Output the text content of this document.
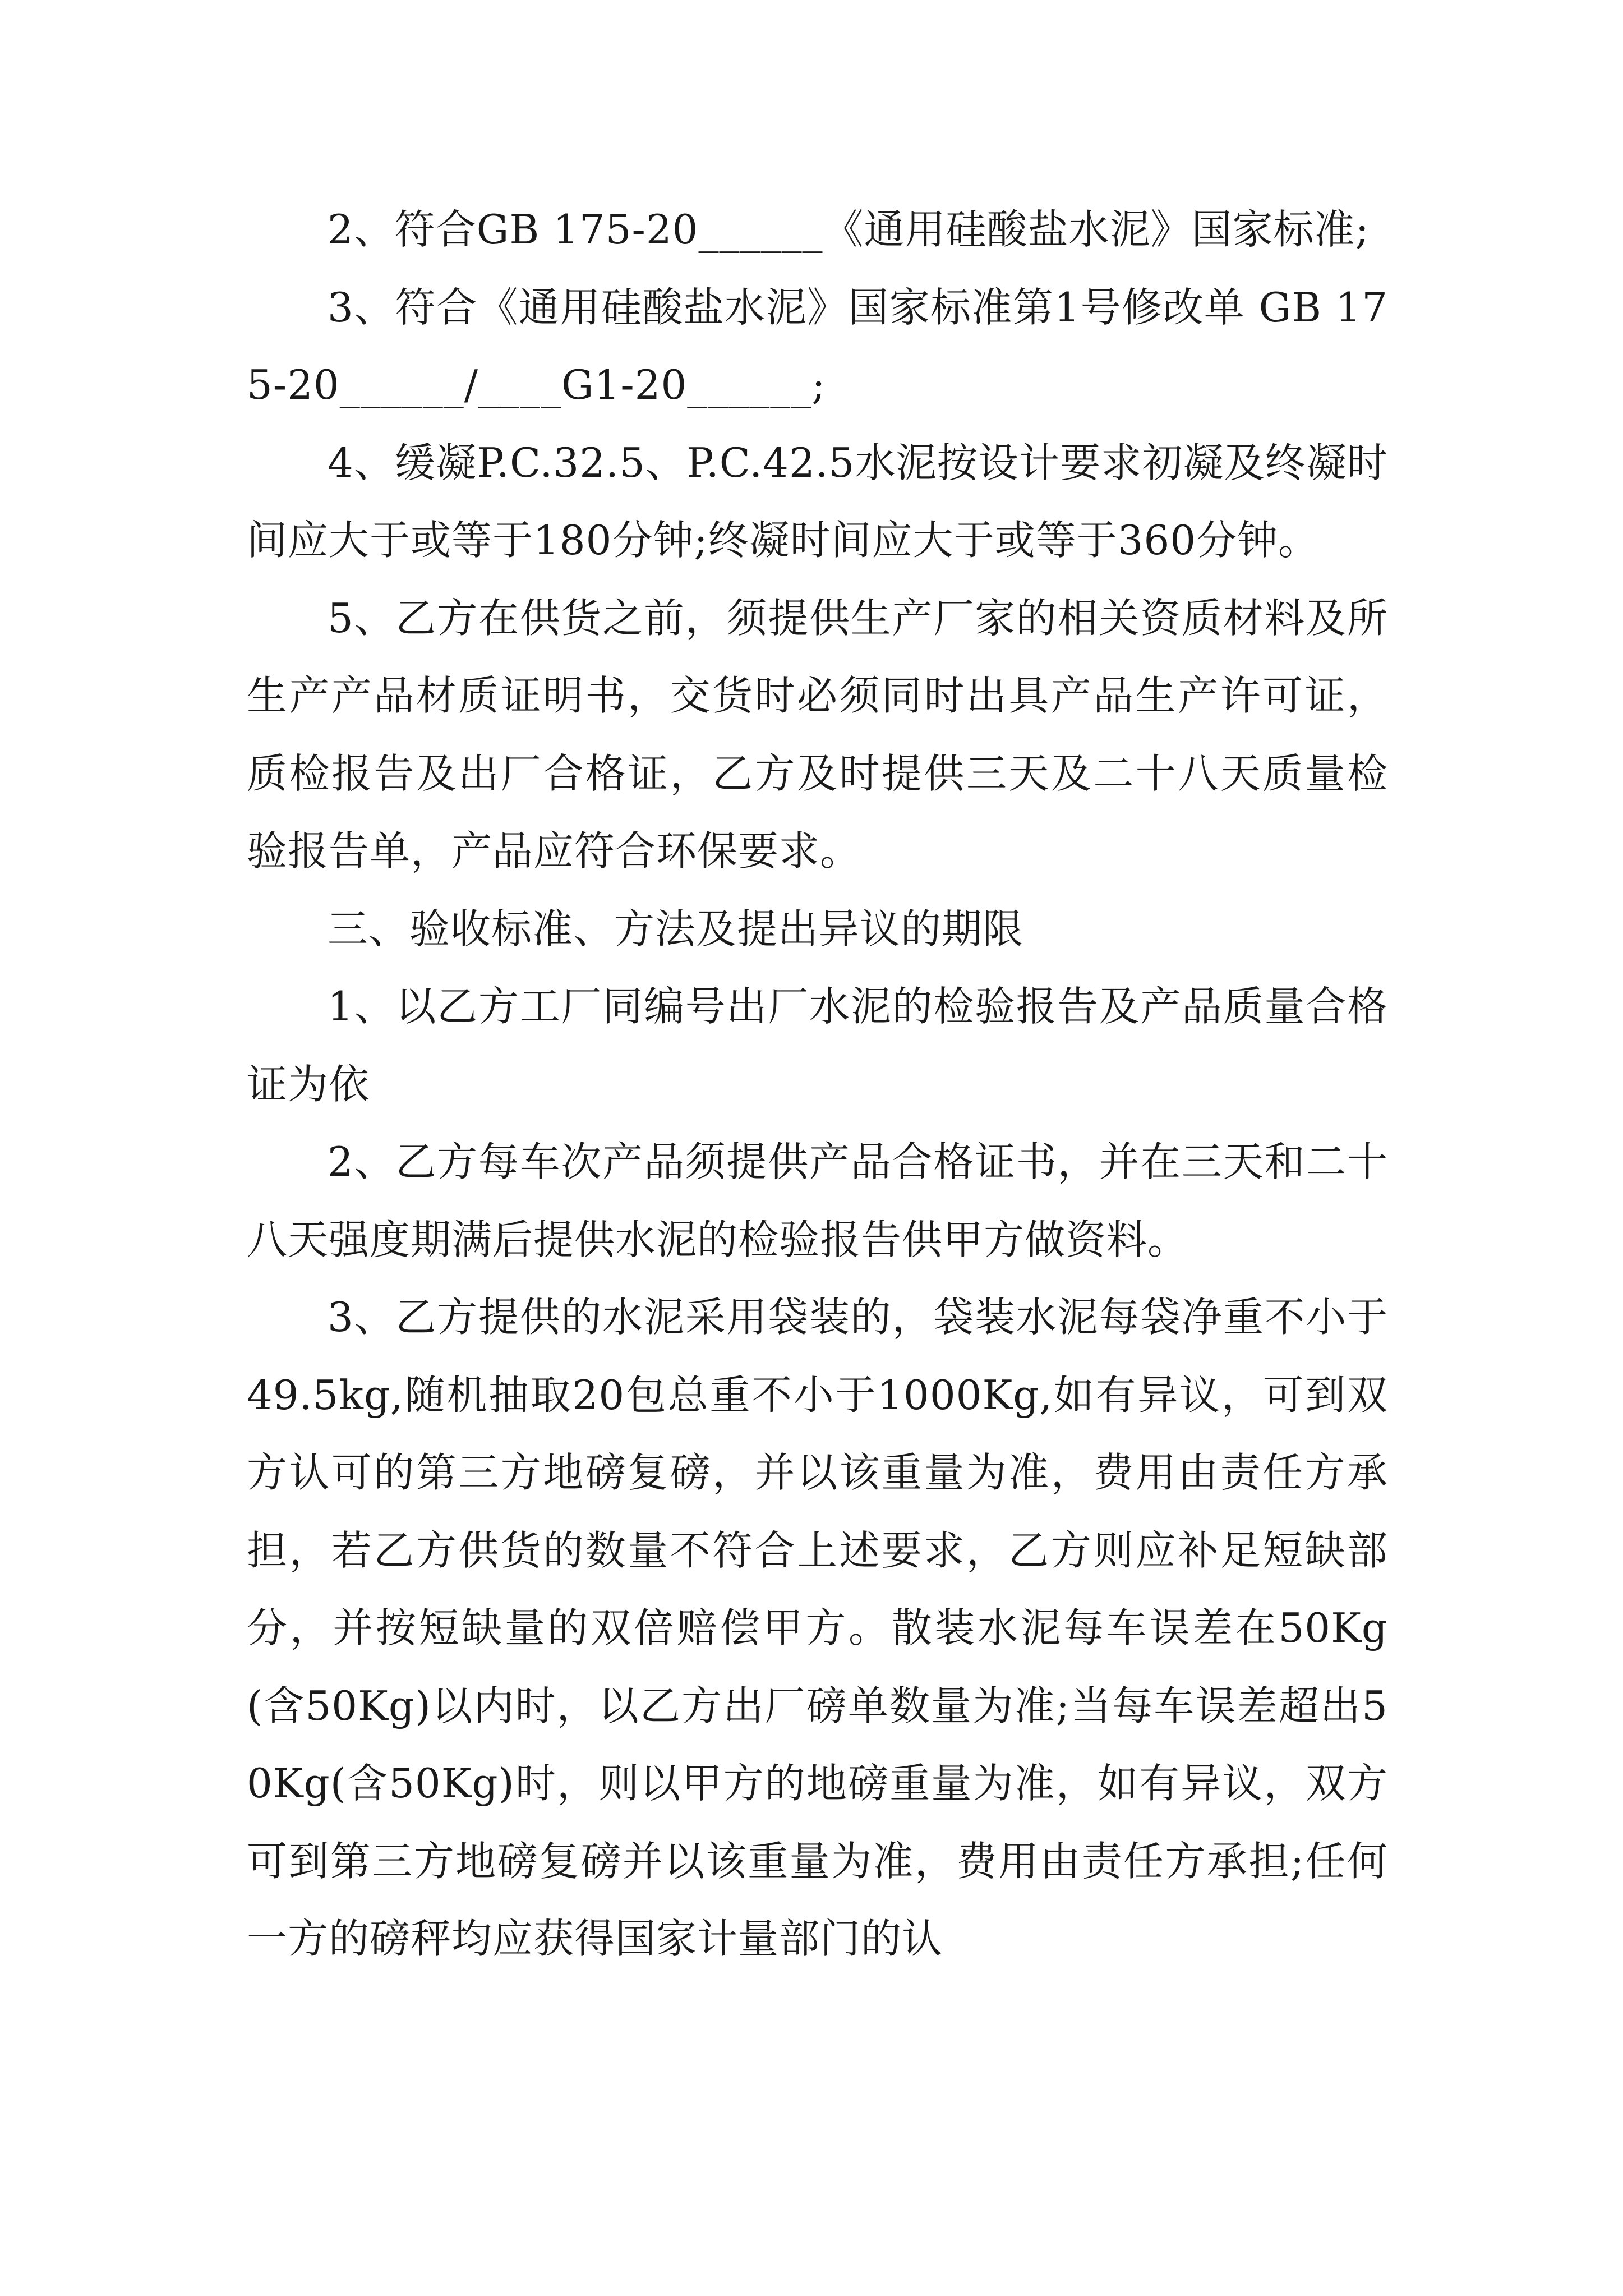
2、符合GB 175-20______《通用硅酸盐水泥》国家标准;

3、符合《通用硅酸盐水泥》国家标准第1号修改单 GB 175-20______/____G1-20______;

4、缓凝P.C.32.5、P.C.42.5水泥按设计要求初凝及终凝时间应大于或等于180分钟;终凝时间应大于或等于360分钟。

5、乙方在供货之前，须提供生产厂家的相关资质材料及所生产产品材质证明书，交货时必须同时出具产品生产许可证，质检报告及出厂合格证，乙方及时提供三天及二十八天质量检验报告单，产品应符合环保要求。

三、验收标准、方法及提出异议的期限

1、以乙方工厂同编号出厂水泥的检验报告及产品质量合格证为依

2、乙方每车次产品须提供产品合格证书，并在三天和二十八天强度期满后提供水泥的检验报告供甲方做资料。

3、乙方提供的水泥采用袋装的，袋装水泥每袋净重不小于49.5kg,随机抽取20包总重不小于1000Kg,如有异议，可到双方认可的第三方地磅复磅，并以该重量为准，费用由责任方承担，若乙方供货的数量不符合上述要求，乙方则应补足短缺部分，并按短缺量的双倍赔偿甲方。散装水泥每车误差在50Kg(含50Kg)以内时，以乙方出厂磅单数量为准;当每车误差超出50Kg(含50Kg)时，则以甲方的地磅重量为准，如有异议，双方可到第三方地磅复磅并以该重量为准，费用由责任方承担;任何一方的磅秤均应获得国家计量部门的认
